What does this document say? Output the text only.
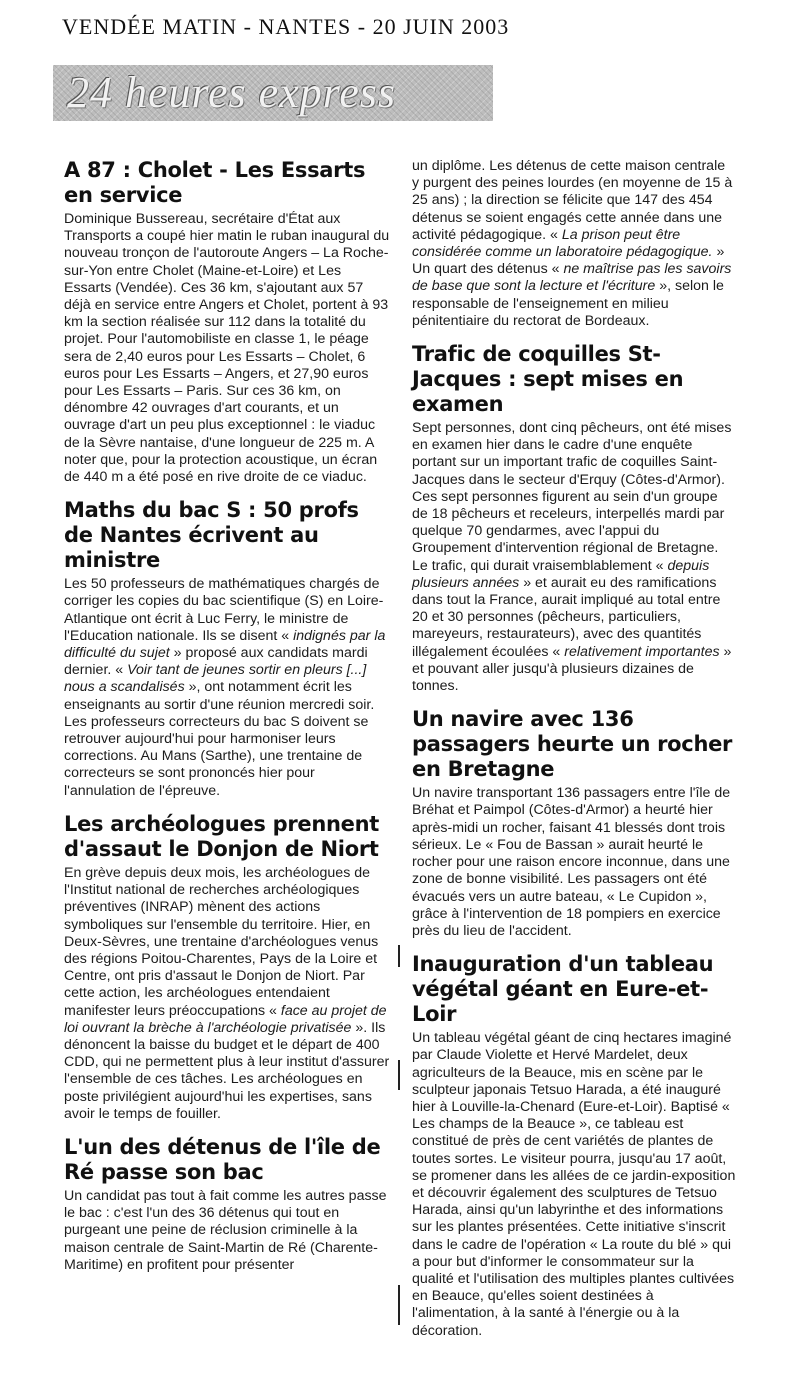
VENDÉE MATIN - NANTES - 20 JUIN 2003
24 heures express
A 87 : Cholet - Les Essarts en service

Dominique Bussereau, secrétaire d'État aux Transports a coupé hier matin le ruban inaugural du nouveau tronçon de l'autoroute Angers – La Roche-sur-Yon entre Cholet (Maine-et-Loire) et Les Essarts (Vendée). Ces 36 km, s'ajoutant aux 57 déjà en service entre Angers et Cholet, portent à 93 km la section réalisée sur 112 dans la totalité du projet. Pour l'automobiliste en classe 1, le péage sera de 2,40 euros pour Les Essarts – Cholet, 6 euros pour Les Essarts – Angers, et 27,90 euros pour Les Essarts – Paris. Sur ces 36 km, on dénombre 42 ouvrages d'art courants, et un ouvrage d'art un peu plus exceptionnel : le viaduc de la Sèvre nantaise, d'une longueur de 225 m. A noter que, pour la protection acoustique, un écran de 440 m a été posé en rive droite de ce viaduc.

Maths du bac S : 50 profs de Nantes écrivent au ministre

Les 50 professeurs de mathématiques chargés de corriger les copies du bac scientifique (S) en Loire-Atlantique ont écrit à Luc Ferry, le ministre de l'Education nationale. Ils se disent « indignés par la difficulté du sujet » proposé aux candidats mardi dernier. « Voir tant de jeunes sortir en pleurs [...] nous a scandalisés », ont notamment écrit les enseignants au sortir d'une réunion mercredi soir. Les professeurs correcteurs du bac S doivent se retrouver aujourd'hui pour harmoniser leurs corrections. Au Mans (Sarthe), une trentaine de correcteurs se sont prononcés hier pour l'annulation de l'épreuve.

Les archéologues prennent d'assaut le Donjon de Niort

En grève depuis deux mois, les archéologues de l'Institut national de recherches archéologiques préventives (INRAP) mènent des actions symboliques sur l'ensemble du territoire. Hier, en Deux-Sèvres, une trentaine d'archéologues venus des régions Poitou-Charentes, Pays de la Loire et Centre, ont pris d'assaut le Donjon de Niort. Par cette action, les archéologues entendaient manifester leurs préoccupations « face au projet de loi ouvrant la brèche à l'archéologie privatisée ». Ils dénoncent la baisse du budget et le départ de 400 CDD, qui ne permettent plus à leur institut d'assurer l'ensemble de ces tâches. Les archéologues en poste privilégient aujourd'hui les expertises, sans avoir le temps de fouiller.

L'un des détenus de l'île de Ré passe son bac

Un candidat pas tout à fait comme les autres passe le bac : c'est l'un des 36 détenus qui tout en purgeant une peine de réclusion criminelle à la maison centrale de Saint-Martin de Ré (Charente-Maritime) en profitent pour présenter

un diplôme. Les détenus de cette maison centrale y purgent des peines lourdes (en moyenne de 15 à 25 ans) ; la direction se félicite que 147 des 454 détenus se soient engagés cette année dans une activité pédagogique. « La prison peut être considérée comme un laboratoire pédagogique. » Un quart des détenus « ne maîtrise pas les savoirs de base que sont la lecture et l'écriture », selon le responsable de l'enseignement en milieu pénitentiaire du rectorat de Bordeaux.

Trafic de coquilles St-Jacques : sept mises en examen

Sept personnes, dont cinq pêcheurs, ont été mises en examen hier dans le cadre d'une enquête portant sur un important trafic de coquilles Saint-Jacques dans le secteur d'Erquy (Côtes-d'Armor). Ces sept personnes figurent au sein d'un groupe de 18 pêcheurs et receleurs, interpellés mardi par quelque 70 gendarmes, avec l'appui du Groupement d'intervention régional de Bretagne. Le trafic, qui durait vraisemblablement « depuis plusieurs années » et aurait eu des ramifications dans tout la France, aurait impliqué au total entre 20 et 30 personnes (pêcheurs, particuliers, mareyeurs, restaurateurs), avec des quantités illégalement écoulées « relativement importantes » et pouvant aller jusqu'à plusieurs dizaines de tonnes.

Un navire avec 136 passagers heurte un rocher en Bretagne

Un navire transportant 136 passagers entre l'île de Bréhat et Paimpol (Côtes-d'Armor) a heurté hier après-midi un rocher, faisant 41 blessés dont trois sérieux. Le « Fou de Bassan » aurait heurté le rocher pour une raison encore inconnue, dans une zone de bonne visibilité. Les passagers ont été évacués vers un autre bateau, « Le Cupidon », grâce à l'intervention de 18 pompiers en exercice près du lieu de l'accident.

Inauguration d'un tableau végétal géant en Eure-et-Loir

Un tableau végétal géant de cinq hectares imaginé par Claude Violette et Hervé Mardelet, deux agriculteurs de la Beauce, mis en scène par le sculpteur japonais Tetsuo Harada, a été inauguré hier à Louville-la-Chenard (Eure-et-Loir). Baptisé « Les champs de la Beauce », ce tableau est constitué de près de cent variétés de plantes de toutes sortes. Le visiteur pourra, jusqu'au 17 août, se promener dans les allées de ce jardin-exposition et découvrir également des sculptures de Tetsuo Harada, ainsi qu'un labyrinthe et des informations sur les plantes présentées. Cette initiative s'inscrit dans le cadre de l'opération « La route du blé » qui a pour but d'informer le consommateur sur la qualité et l'utilisation des multiples plantes cultivées en Beauce, qu'elles soient destinées à l'alimentation, à la santé à l'énergie ou à la décoration.
